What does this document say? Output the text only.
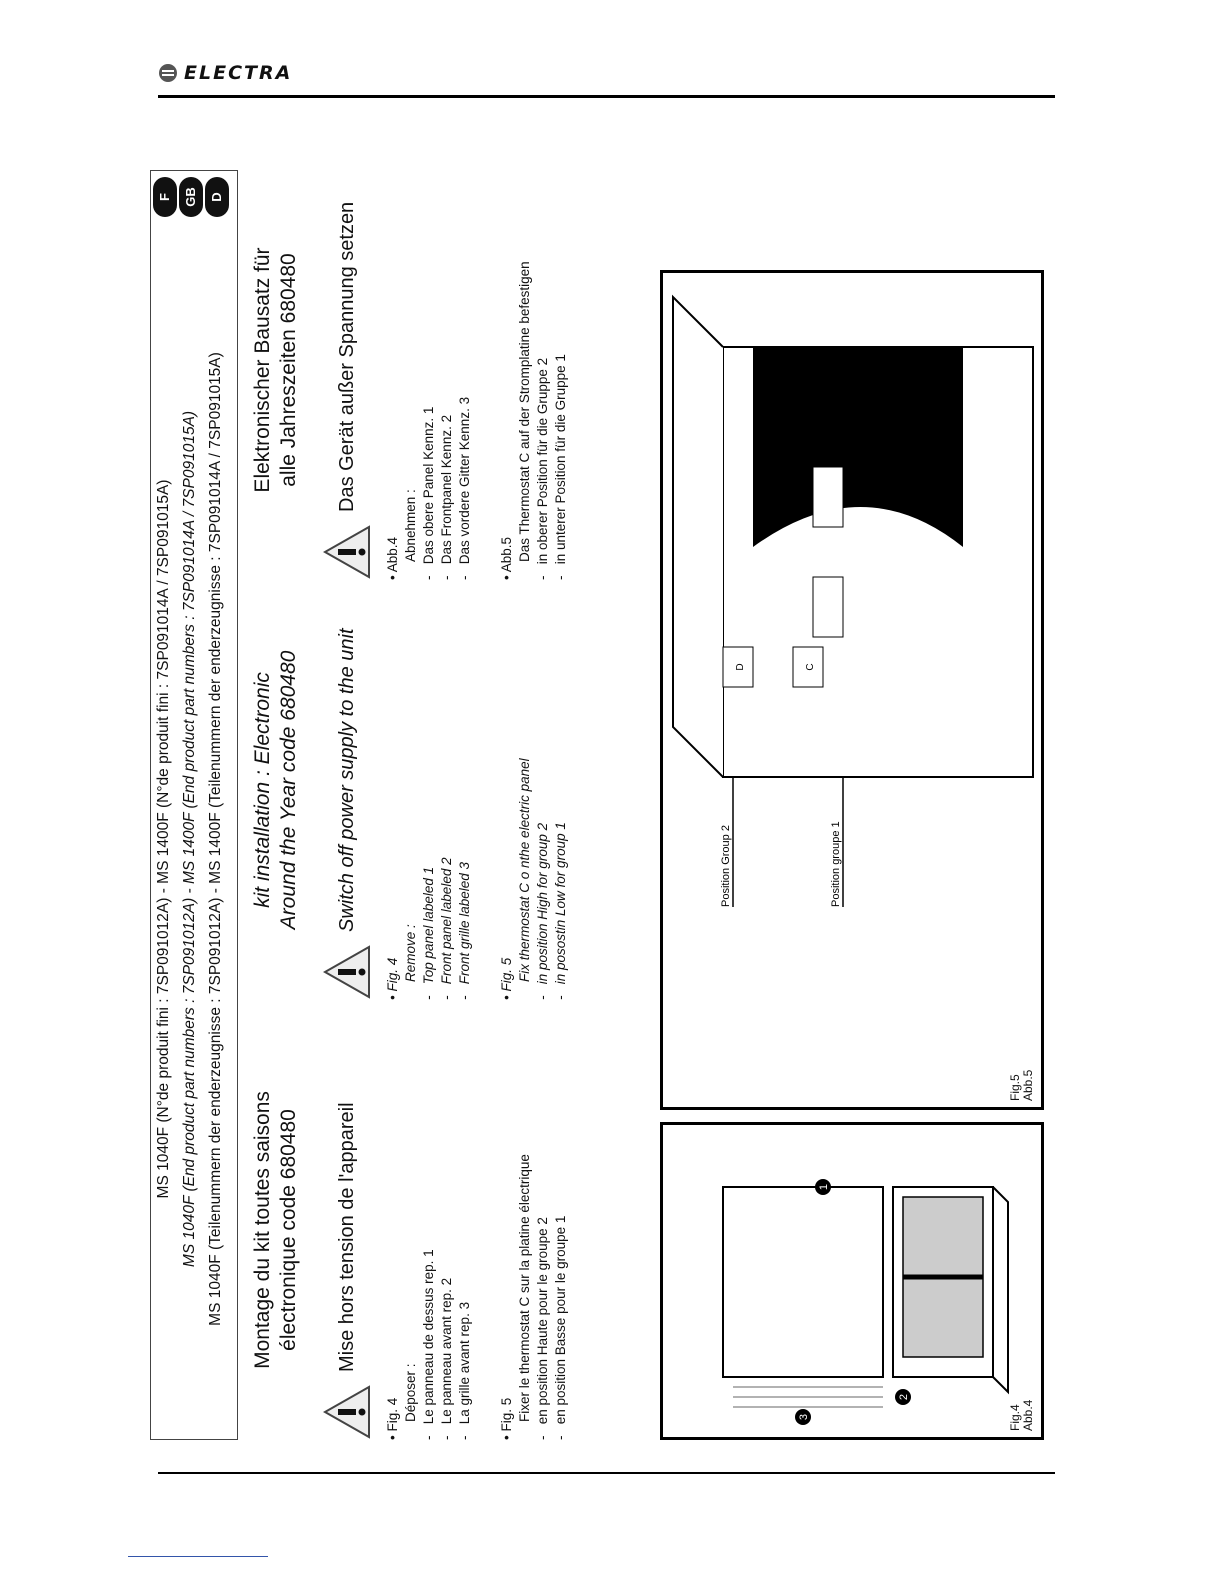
ELECTRA
MS 1040F (N°de produit fini : 7SP091012A) - MS 1400F (N°de produit fini : 7SP091014A / 7SP091015A) MS 1040F (End product part numbers : 7SP091012A) - MS 1400F (End product part numbers : 7SP091014A / 7SP091015A) MS 1040F (Teilenummern der enderzeugnisse : 7SP091012A) - MS 1400F (Teilenummern der enderzeugnisse : 7SP091014A / 7SP091015A)
F GB D
Montage du kit toutes saisons électronique code 680480 Mise hors tension de l'appareil
• Fig. 4 Déposer :
-   Le panneau de dessus rep. 1
-   Le panneau avant rep. 2
-   La grille avant rep. 3
• Fig. 5 Fixer le thermostat C sur la platine électrique
-   en position Haute pour le groupe 2
-   en position Basse pour le groupe 1
kit installation : Electronic Around the Year code 680480 Switch off power supply to the unit
• Fig. 4 Remove :
-   Top panel labeled 1
-   Front panel labeled 2
-   Front grille labeled 3
• Fig. 5 Fix thermostat C o nthe electric panel
-   in position High for group 2
-   in posostin Low for group 1
Elektronischer Bausatz für alle Jahreszeiten 680480 Das Gerät außer Spannung setzen
• Abb.4 Abnehmen :
-   Das obere Panel Kennz. 1
-   Das Frontpanel Kennz. 2
-   Das vordere Gitter Kennz. 3
• Abb.5 Das Thermostat C auf der Stromplatine befestigen
-   in oberer Position für die Gruppe 2
-   in unterer Position für die Gruppe 1
Fig.4 Abb.4
1
2
3
Fig.5 Abb.5
D	C
Position Group 2	Position groupe 1
